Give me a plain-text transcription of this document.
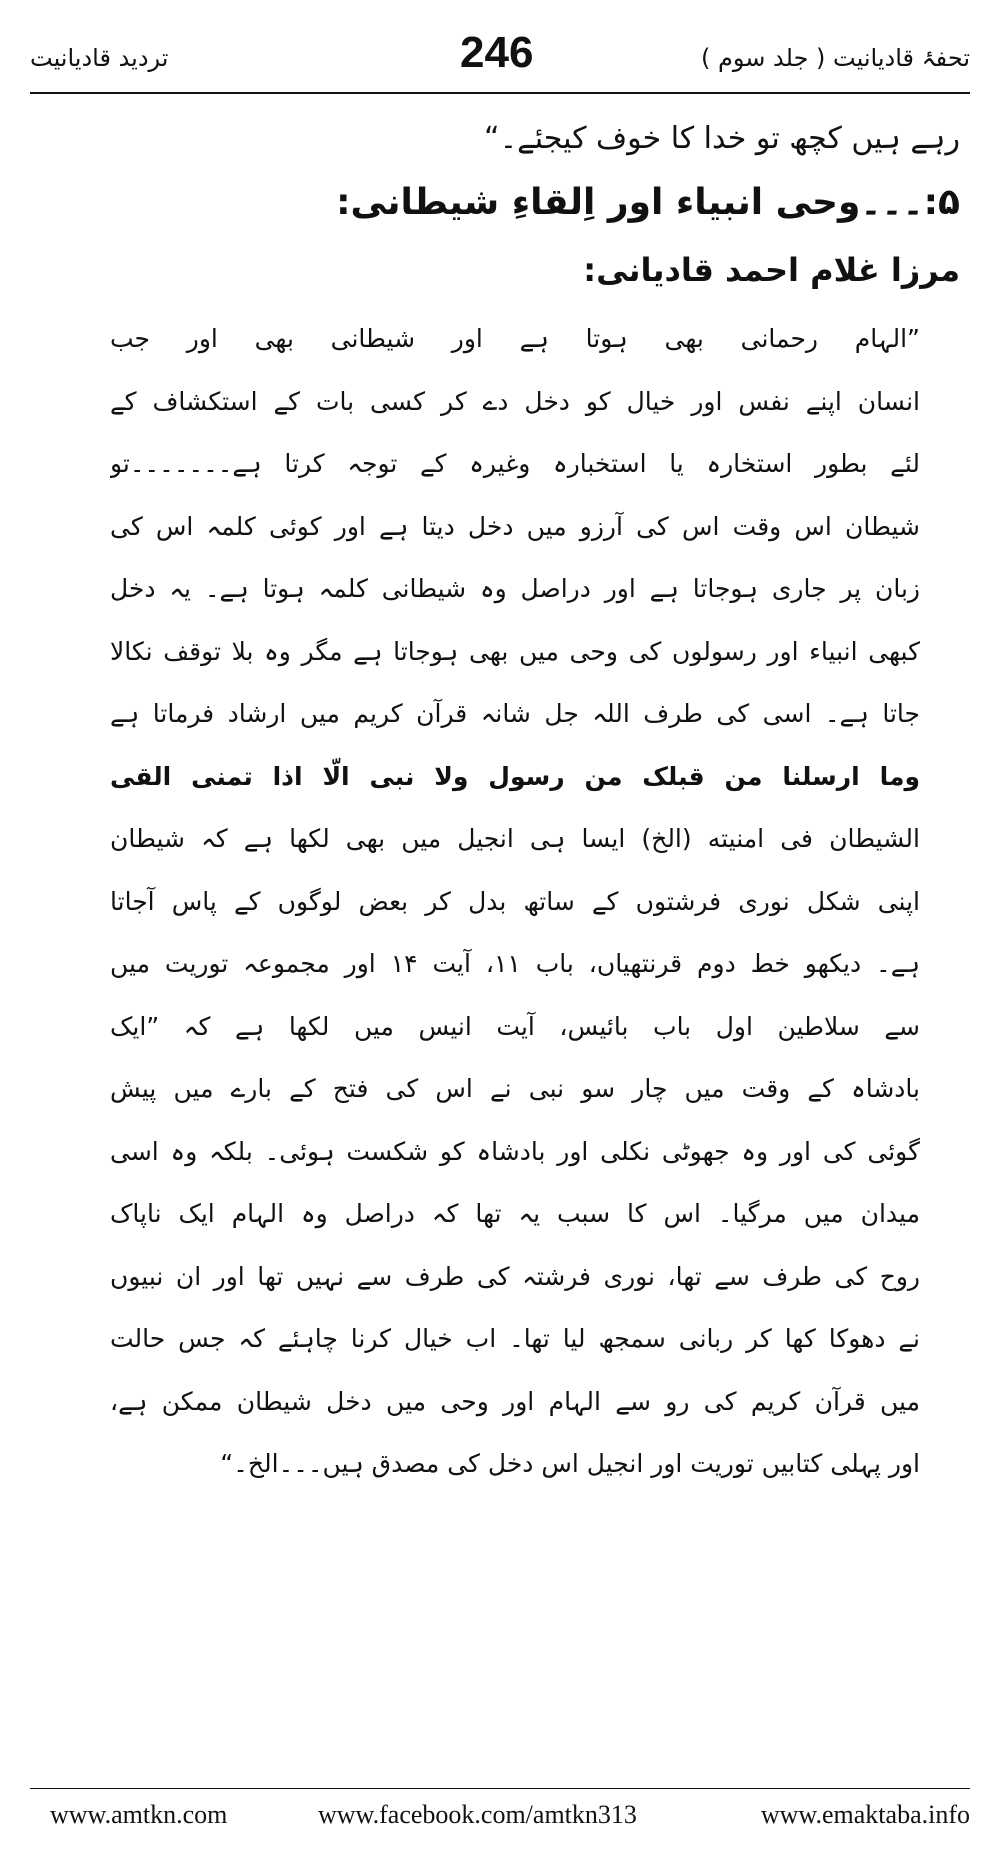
تردید قادیانیت	246	تحفۂ قادیانیت ( جلد سوم )
رہے ہیں کچھ تو خدا کا خوف کیجئے۔“
۵:۔۔۔وحی انبیاء اور اِلقاءِ شیطانی:
مرزا غلام احمد قادیانی:
”الہام رحمانی بھی ہوتا ہے اور شیطانی بھی اور جب
انسان اپنے نفس اور خیال کو دخل دے کر کسی بات کے استکشاف کے
لئے بطور استخارہ یا استخبارہ وغیرہ کے توجہ کرتا ہے۔۔۔۔۔۔۔تو
شیطان اس وقت اس کی آرزو میں دخل دیتا ہے اور کوئی کلمہ اس کی
زبان پر جاری ہوجاتا ہے اور دراصل وہ شیطانی کلمہ ہوتا ہے۔ یہ دخل
کبھی انبیاء اور رسولوں کی وحی میں بھی ہوجاتا ہے مگر وہ بلا توقف نکالا
جاتا ہے۔ اسی کی طرف اللہ جل شانہ قرآن کریم میں ارشاد فرماتا ہے
وما ارسلنا من قبلک من رسول ولا نبی الّا اذا تمنی القی
الشیطان فی امنیته (الخ) ایسا ہی انجیل میں بھی لکھا ہے کہ شیطان
اپنی شکل نوری فرشتوں کے ساتھ بدل کر بعض لوگوں کے پاس آجاتا
ہے۔ دیکھو خط دوم قرنتھیاں، باب ۱۱، آیت ۱۴ اور مجموعہ توریت میں
سے سلاطین اول باب بائیس، آیت انیس میں لکھا ہے کہ ”ایک
بادشاہ کے وقت میں چار سو نبی نے اس کی فتح کے بارے میں پیش
گوئی کی اور وہ جھوٹی نکلی اور بادشاہ کو شکست ہوئی۔ بلکہ وہ اسی
میدان میں مرگیا۔ اس کا سبب یہ تھا کہ دراصل وہ الہام ایک ناپاک
روح کی طرف سے تھا، نوری فرشتہ کی طرف سے نہیں تھا اور ان نبیوں
نے دھوکا کھا کر ربانی سمجھ لیا تھا۔ اب خیال کرنا چاہئے کہ جس حالت
میں قرآن کریم کی رو سے الہام اور وحی میں دخل شیطان ممکن ہے،
اور پہلی کتابیں توریت اور انجیل اس دخل کی مصدق ہیں۔۔۔الخ۔“
www.amtkn.com	www.facebook.com/amtkn313	www.emaktaba.info
